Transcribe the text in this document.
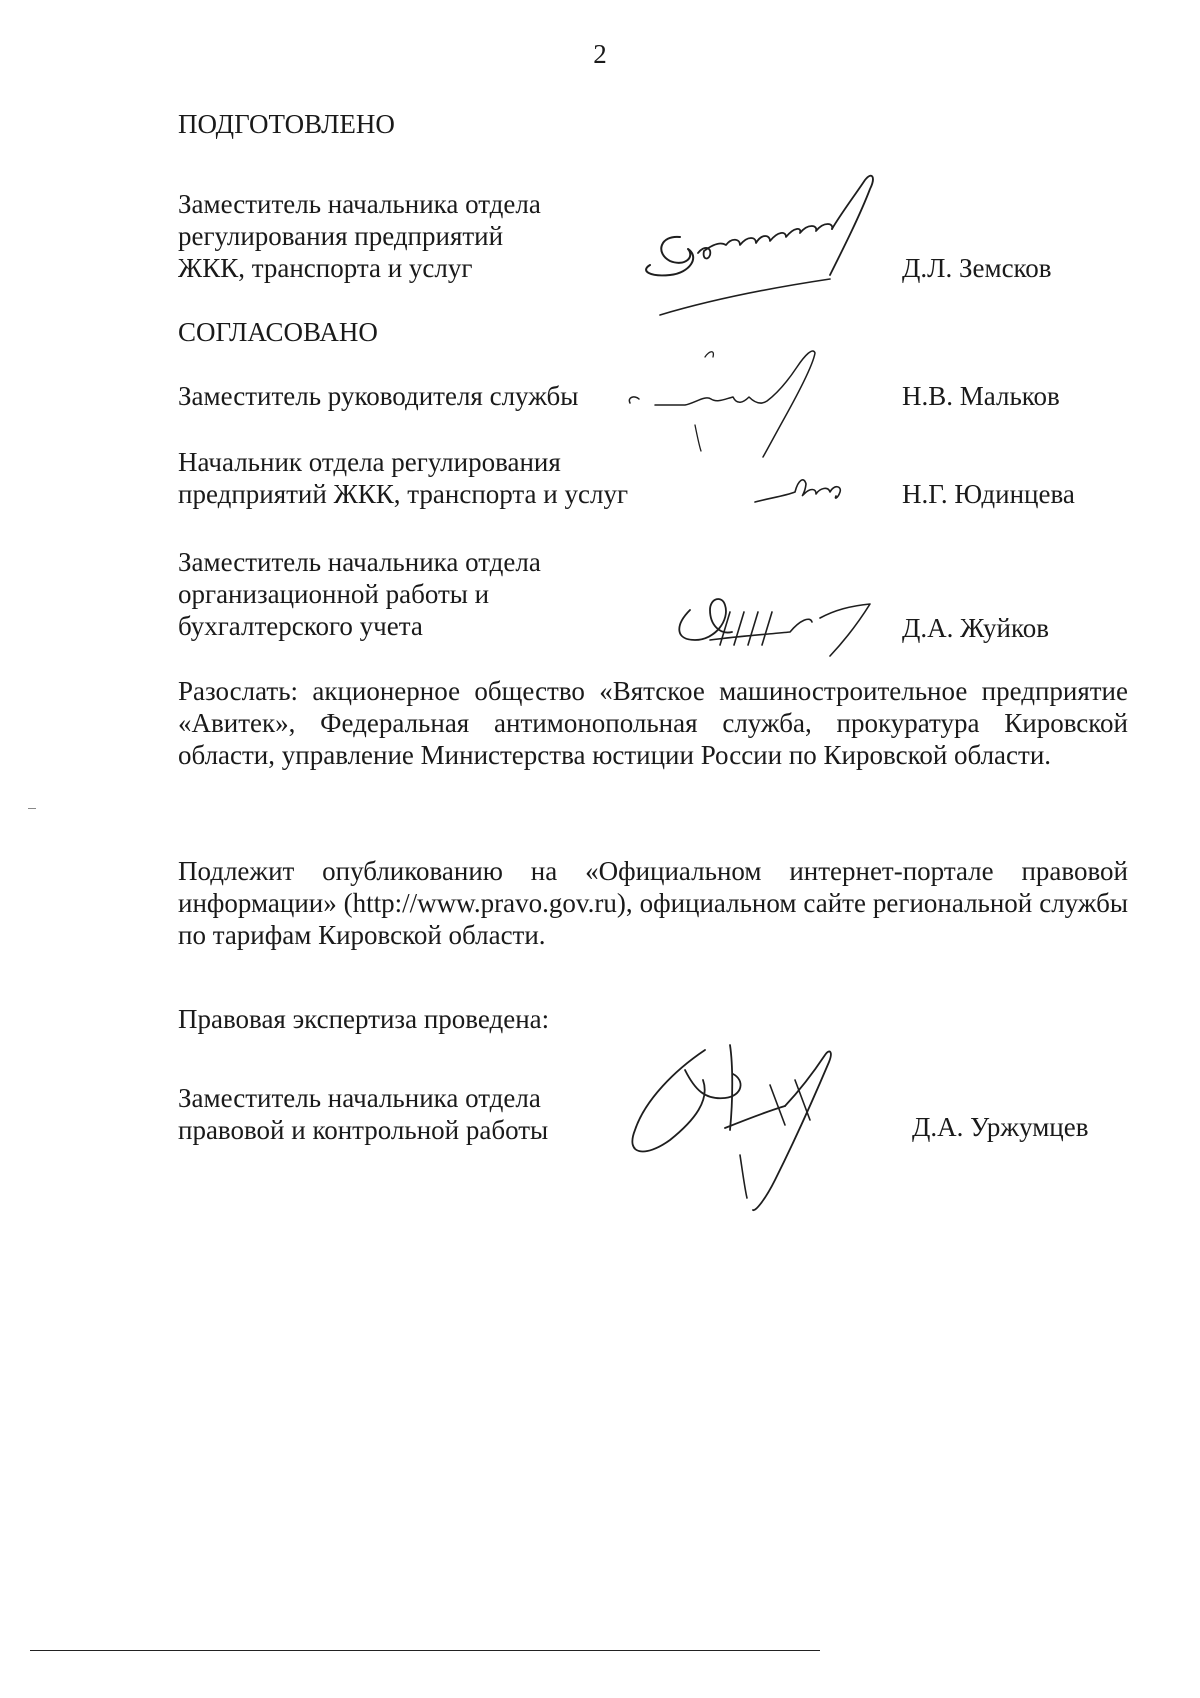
2
ПОДГОТОВЛЕНО
Заместитель начальника отдела
регулирования предприятий
ЖКК, транспорта и услуг	Д.Л. Земсков
СОГЛАСОВАНО
Заместитель руководителя службы	Н.В. Мальков
Начальник отдела регулирования
предприятий ЖКК, транспорта и услуг	Н.Г. Юдинцева
Заместитель начальника отдела
организационной работы и
бухгалтерского учета	Д.А. Жуйков
Разослать: акционерное общество «Вятское машиностроительное предприятие «Авитек», Федеральная антимонопольная служба, прокуратура Кировской области, управление Министерства юстиции России по Кировской области.
Подлежит опубликованию на «Официальном интернет-портале правовой информации» (http://www.pravo.gov.ru), официальном сайте региональной службы по тарифам Кировской области.
Правовая экспертиза проведена:
Заместитель начальника отдела
правовой и контрольной работы	Д.А. Уржумцев
